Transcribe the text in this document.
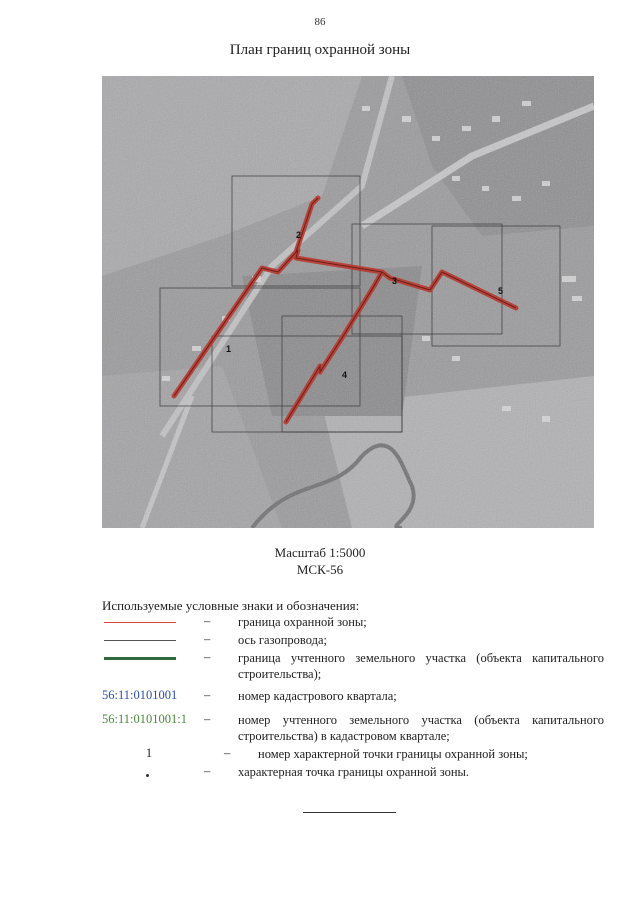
86
План границ охранной зоны
1
2
3
4
5
Масштаб 1:5000
МСК-56
Используемые условные знаки и обозначения:
–	граница охранной зоны;
–	ось газопровода;
–	граница учтенного земельного участка (объекта капитального строительства);
56:11:0101001	–	номер кадастрового квартала;
56:11:0101001:1	–	номер учтенного земельного участка (объекта капитального строительства) в кадастровом квартале;
1	–	номер характерной точки границы охранной зоны;
–	характерная точка границы охранной зоны.
